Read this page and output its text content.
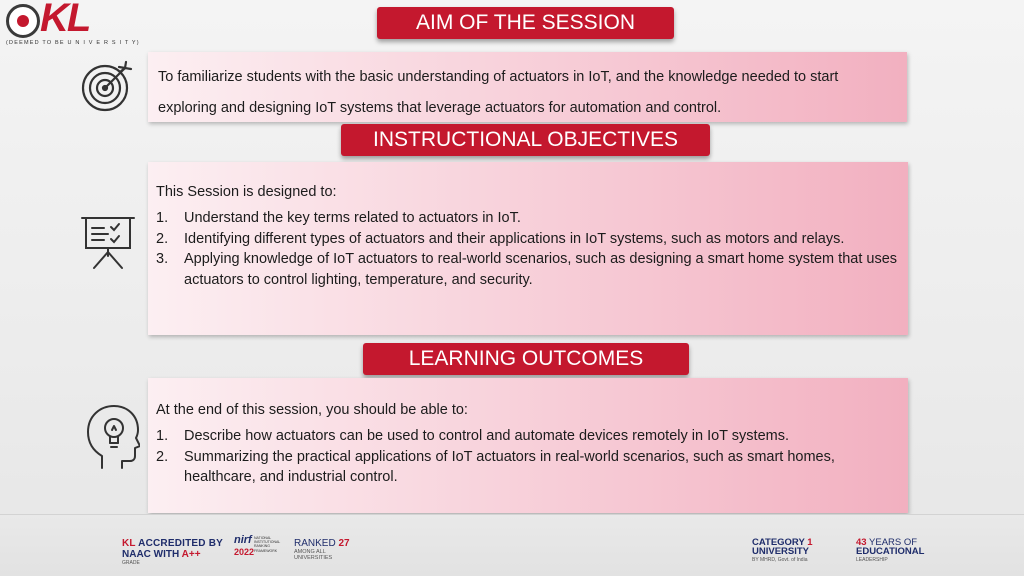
KL
(DEEMED TO BE U N I V E R S I T Y)
AIM OF THE SESSION

To familiarize students with the basic understanding of actuators in IoT, and the knowledge needed to start

exploring and designing IoT systems that leverage actuators for automation and control.

INSTRUCTIONAL OBJECTIVES
This Session is designed to:
1. Understand the key terms related to actuators in IoT.
2. Identifying different types of actuators and their applications in IoT systems, such as motors and relays.
3. Applying knowledge of IoT actuators to real-world scenarios, such as designing a smart home system that uses actuators to control lighting, temperature, and security.
LEARNING OUTCOMES
At the end of this session, you should be able to:
1. Describe how actuators can be used to control and automate devices remotely in IoT systems.
2. Summarizing the practical applications of IoT actuators in real-world scenarios, such as smart homes, healthcare, and industrial control.
KL ACCREDITED BY
NAAC WITH A++
GRADE
nirf
2022
NATIONAL INSTITUTIONAL RANKING FRAMEWORK
RANKED 27
AMONG ALL UNIVERSITIES
CATEGORY 1
UNIVERSITY
BY MHRD, Govt. of India
43 YEARS OF
EDUCATIONAL
LEADERSHIP
